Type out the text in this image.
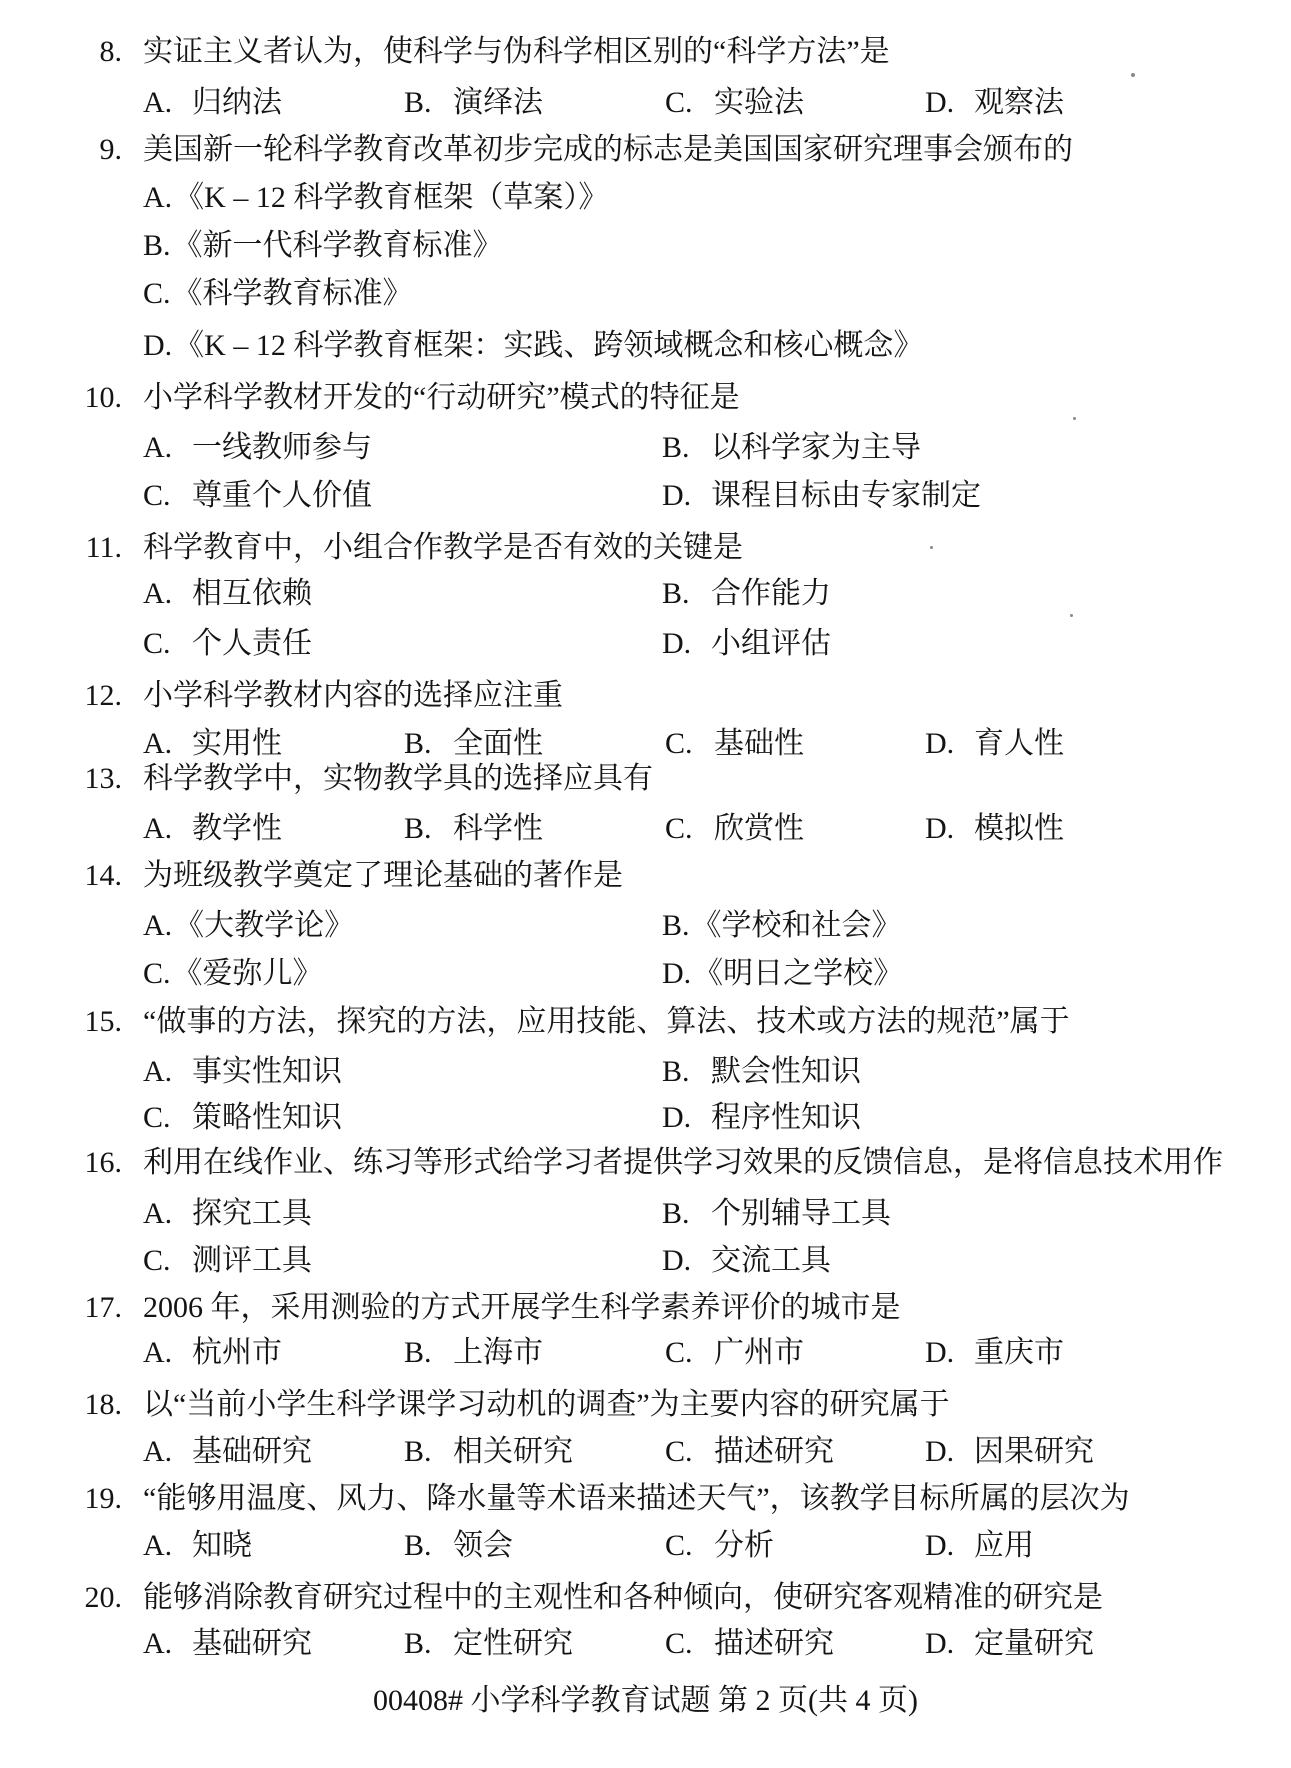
8. 实证主义者认为，使科学与伪科学相区别的“科学方法”是
A. 归纳法	B. 演绎法	C. 实验法	D. 观察法
9. 美国新一轮科学教育改革初步完成的标志是美国国家研究理事会颁布的
A.《K – 12 科学教育框架（草案）》
B.《新一代科学教育标准》
C.《科学教育标准》
D.《K – 12 科学教育框架：实践、跨领域概念和核心概念》
10. 小学科学教材开发的“行动研究”模式的特征是
A. 一线教师参与	B. 以科学家为主导
C. 尊重个人价值	D. 课程目标由专家制定
11. 科学教育中，小组合作教学是否有效的关键是
A. 相互依赖	B. 合作能力
C. 个人责任	D. 小组评估
12. 小学科学教材内容的选择应注重
A. 实用性	B. 全面性	C. 基础性	D. 育人性
13. 科学教学中，实物教学具的选择应具有
A. 教学性	B. 科学性	C. 欣赏性	D. 模拟性
14. 为班级教学奠定了理论基础的著作是
A.《大教学论》	B.《学校和社会》
C.《爱弥儿》	D.《明日之学校》
15. “做事的方法，探究的方法，应用技能、算法、技术或方法的规范”属于
A. 事实性知识	B. 默会性知识
C. 策略性知识	D. 程序性知识
16. 利用在线作业、练习等形式给学习者提供学习效果的反馈信息，是将信息技术用作
A. 探究工具	B. 个别辅导工具
C. 测评工具	D. 交流工具
17. 2006 年，采用测验的方式开展学生科学素养评价的城市是
A. 杭州市	B. 上海市	C. 广州市	D. 重庆市
18. 以“当前小学生科学课学习动机的调查”为主要内容的研究属于
A. 基础研究	B. 相关研究	C. 描述研究	D. 因果研究
19. “能够用温度、风力、降水量等术语来描述天气”，该教学目标所属的层次为
A. 知晓	B. 领会	C. 分析	D. 应用
20. 能够消除教育研究过程中的主观性和各种倾向，使研究客观精准的研究是
A. 基础研究	B. 定性研究	C. 描述研究	D. 定量研究
00408# 小学科学教育试题 第 2 页(共 4 页)
